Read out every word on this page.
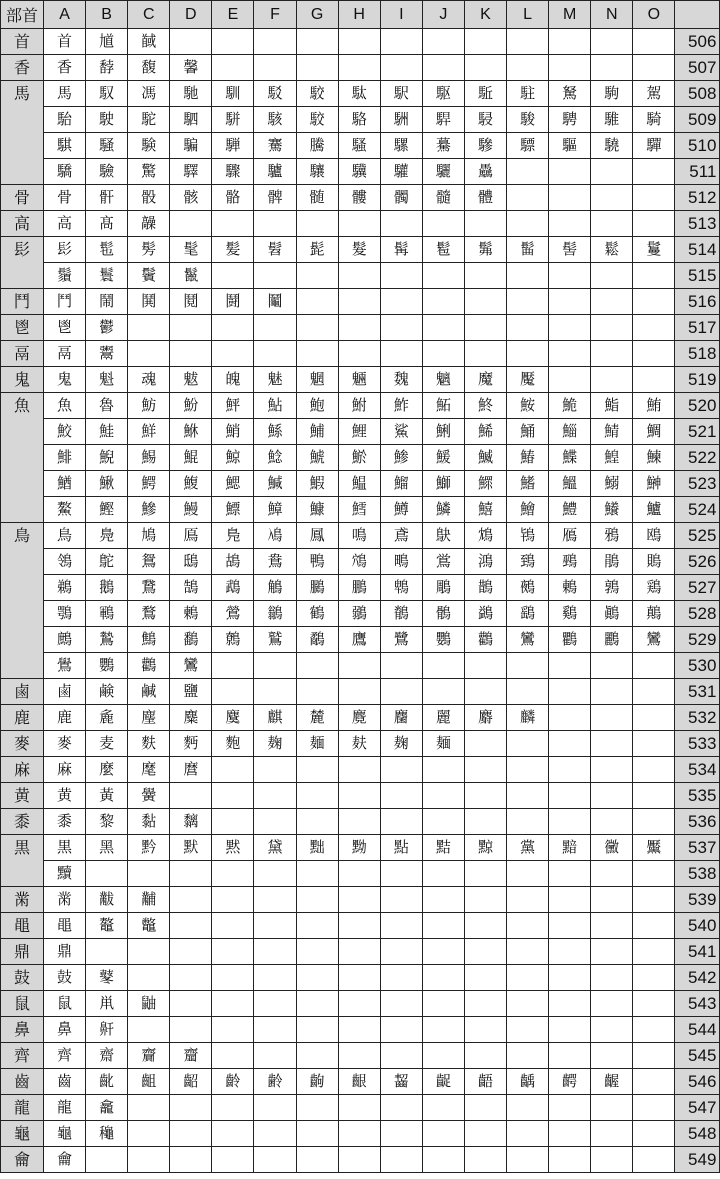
部首	A	B	C	D	E	F	G	H	I	J	K	L	M	N	O	
首	首	馗	馘													506
香	香	馞	馥	馨												507
馬	馬	馭	馮	馳	馴	駁	駮	駄	駅	駆	駈	駐	駑	駒	駕	508
	駘	駛	駝	駟	駢	駭	駮	駱	駲	駻	駸	駿	騁	騅	騎	509
	騏	騒	験	騙	騨	騫	騰	騷	騾	驀	驂	驃	驅	驍	驒	510
	驕	驗	驚	驛	驟	驢	驤	驥	驩	驪	驫					511
骨	骨	骭	骰	骸	骼	髀	髄	髏	髑	髓	體					512
高	高	髙	髞													513
髟	髟	髢	髣	髦	髪	髫	髭	髮	髯	髱	髴	髷	髻	鬆	鬘	514
	鬚	鬟	鬢	鬣												515
鬥	鬥	鬧	鬨	鬩	鬪	鬮										516
鬯	鬯	鬱														517
鬲	鬲	鬻														518
鬼	鬼	魁	魂	魃	魄	魅	魍	魎	魏	魑	魔	魘				519
魚	魚	魯	魴	魵	鮃	鮎	鮑	鮒	鮓	鮖	鮗	鮟	鮠	鮨	鮪	520
	鮫	鮭	鮮	鮴	鮹	鯀	鯆	鯉	鯊	鯏	鯑	鯒	鯔	鯖	鯛	521
	鯡	鯢	鯣	鯤	鯨	鯰	鯱	鯲	鯵	鰀	鰄	鰆	鰈	鰉	鰊	522
	鰌	鰍	鰐	鰒	鰓	鰔	鰕	鰛	鰡	鰤	鰥	鰭	鰮	鰯	鰰	523
	鰲	鰹	鰺	鰻	鰾	鱆	鱇	鱈	鱒	鱗	鱚	鱠	鱧	鱶	鱸	524
鳥	鳥	鳧	鳩	鳫	鳬	鳰	鳳	鳴	鳶	鴃	鴆	鴇	鴈	鴉	鴎	525
	鴒	鴕	鴛	鴟	鴣	鴦	鴨	鴪	鴫	鴬	鴻	鵄	鵐	鵑	鵙	526
	鵜	鵝	鵞	鵠	鵡	鵤	鵩	鵬	鵯	鵰	鵲	鵺	鶇	鶉	鶏	527
	鶚	鶤	鶩	鶫	鶯	鶲	鶴	鶸	鶺	鶻	鷁	鷂	鷄	鷆	鷏	528
	鷓	鷙	鷦	鷭	鷯	鷲	鷸	鷹	鷺	鸚	鸛	鸞	鸜	鸝	鸞	529
	鷽	鸚	鸛	鸞												530
鹵	鹵	鹸	鹹	鹽												531
鹿	鹿	麁	麈	麋	麌	麒	麓	麑	麕	麗	麝	麟				532
麥	麥	麦	麩	麪	麭	麹	麺	麸	麹	麺						533
麻	麻	麼	麾	麿												534
黄	黄	黃	黌													535
黍	黍	黎	黏	黐												536
黒	黒	黑	黔	默	黙	黛	黜	黝	點	黠	黥	黨	黯	黴	黶	537
	黷															538
黹	黹	黻	黼													539
黽	黽	鼇	鼈													540
鼎	鼎															541
鼓	鼓	鼕														542
鼠	鼠	鼡	鼬													543
鼻	鼻	鼾														544
齊	齊	齋	齎	齏												545
齒	齒	齔	齟	齠	齡	齢	齣	齦	齧	齪	齬	齲	齶	齷		546
龍	龍	龕														547
龜	龜	龝														548
龠	龠															549
